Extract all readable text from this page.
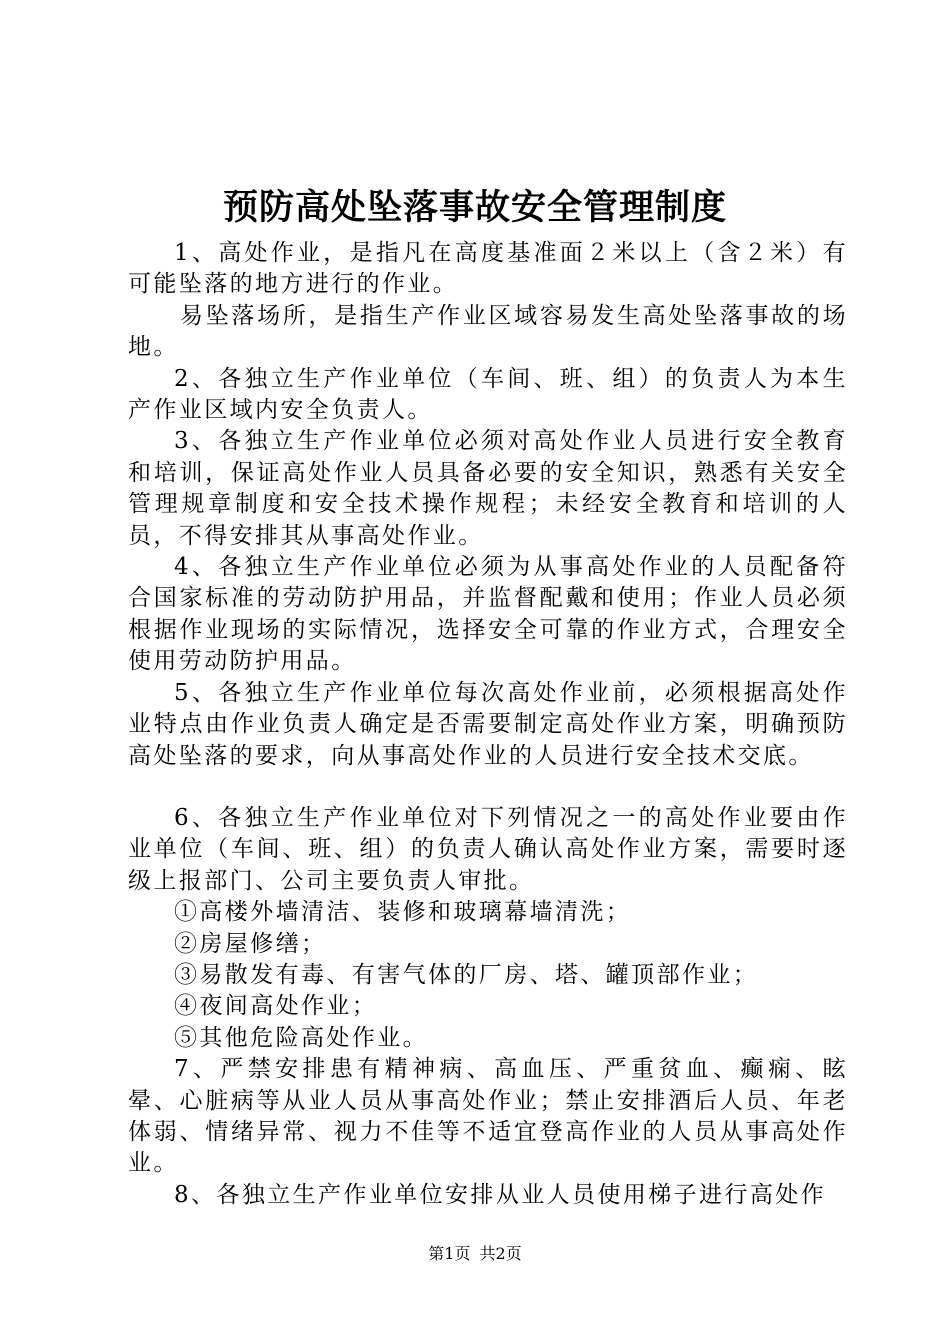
预防高处坠落事故安全管理制度

1、高处作业，是指凡在高度基准面２米以上（含２米）有可能坠落的地方进行的作业。

易坠落场所，是指生产作业区域容易发生高处坠落事故的场地。

2、各独立生产作业单位（车间、班、组）的负责人为本生产作业区域内安全负责人。

3、各独立生产作业单位必须对高处作业人员进行安全教育和培训，保证高处作业人员具备必要的安全知识，熟悉有关安全管理规章制度和安全技术操作规程；未经安全教育和培训的人员，不得安排其从事高处作业。

4、各独立生产作业单位必须为从事高处作业的人员配备符合国家标准的劳动防护用品，并监督配戴和使用；作业人员必须根据作业现场的实际情况，选择安全可靠的作业方式，合理安全使用劳动防护用品。

5、各独立生产作业单位每次高处作业前，必须根据高处作业特点由作业负责人确定是否需要制定高处作业方案，明确预防高处坠落的要求，向从事高处作业的人员进行安全技术交底。

6、各独立生产作业单位对下列情况之一的高处作业要由作业单位（车间、班、组）的负责人确认高处作业方案，需要时逐级上报部门、公司主要负责人审批。

①高楼外墙清洁、装修和玻璃幕墙清洗；

②房屋修缮；

③易散发有毒、有害气体的厂房、塔、罐顶部作业；

④夜间高处作业；

⑤其他危险高处作业。

7、严禁安排患有精神病、高血压、严重贫血、癫痫、眩晕、心脏病等从业人员从事高处作业；禁止安排酒后人员、年老体弱、情绪异常、视力不佳等不适宜登高作业的人员从事高处作业。

8、各独立生产作业单位安排从业人员使用梯子进行高处作

第1页 共2页
